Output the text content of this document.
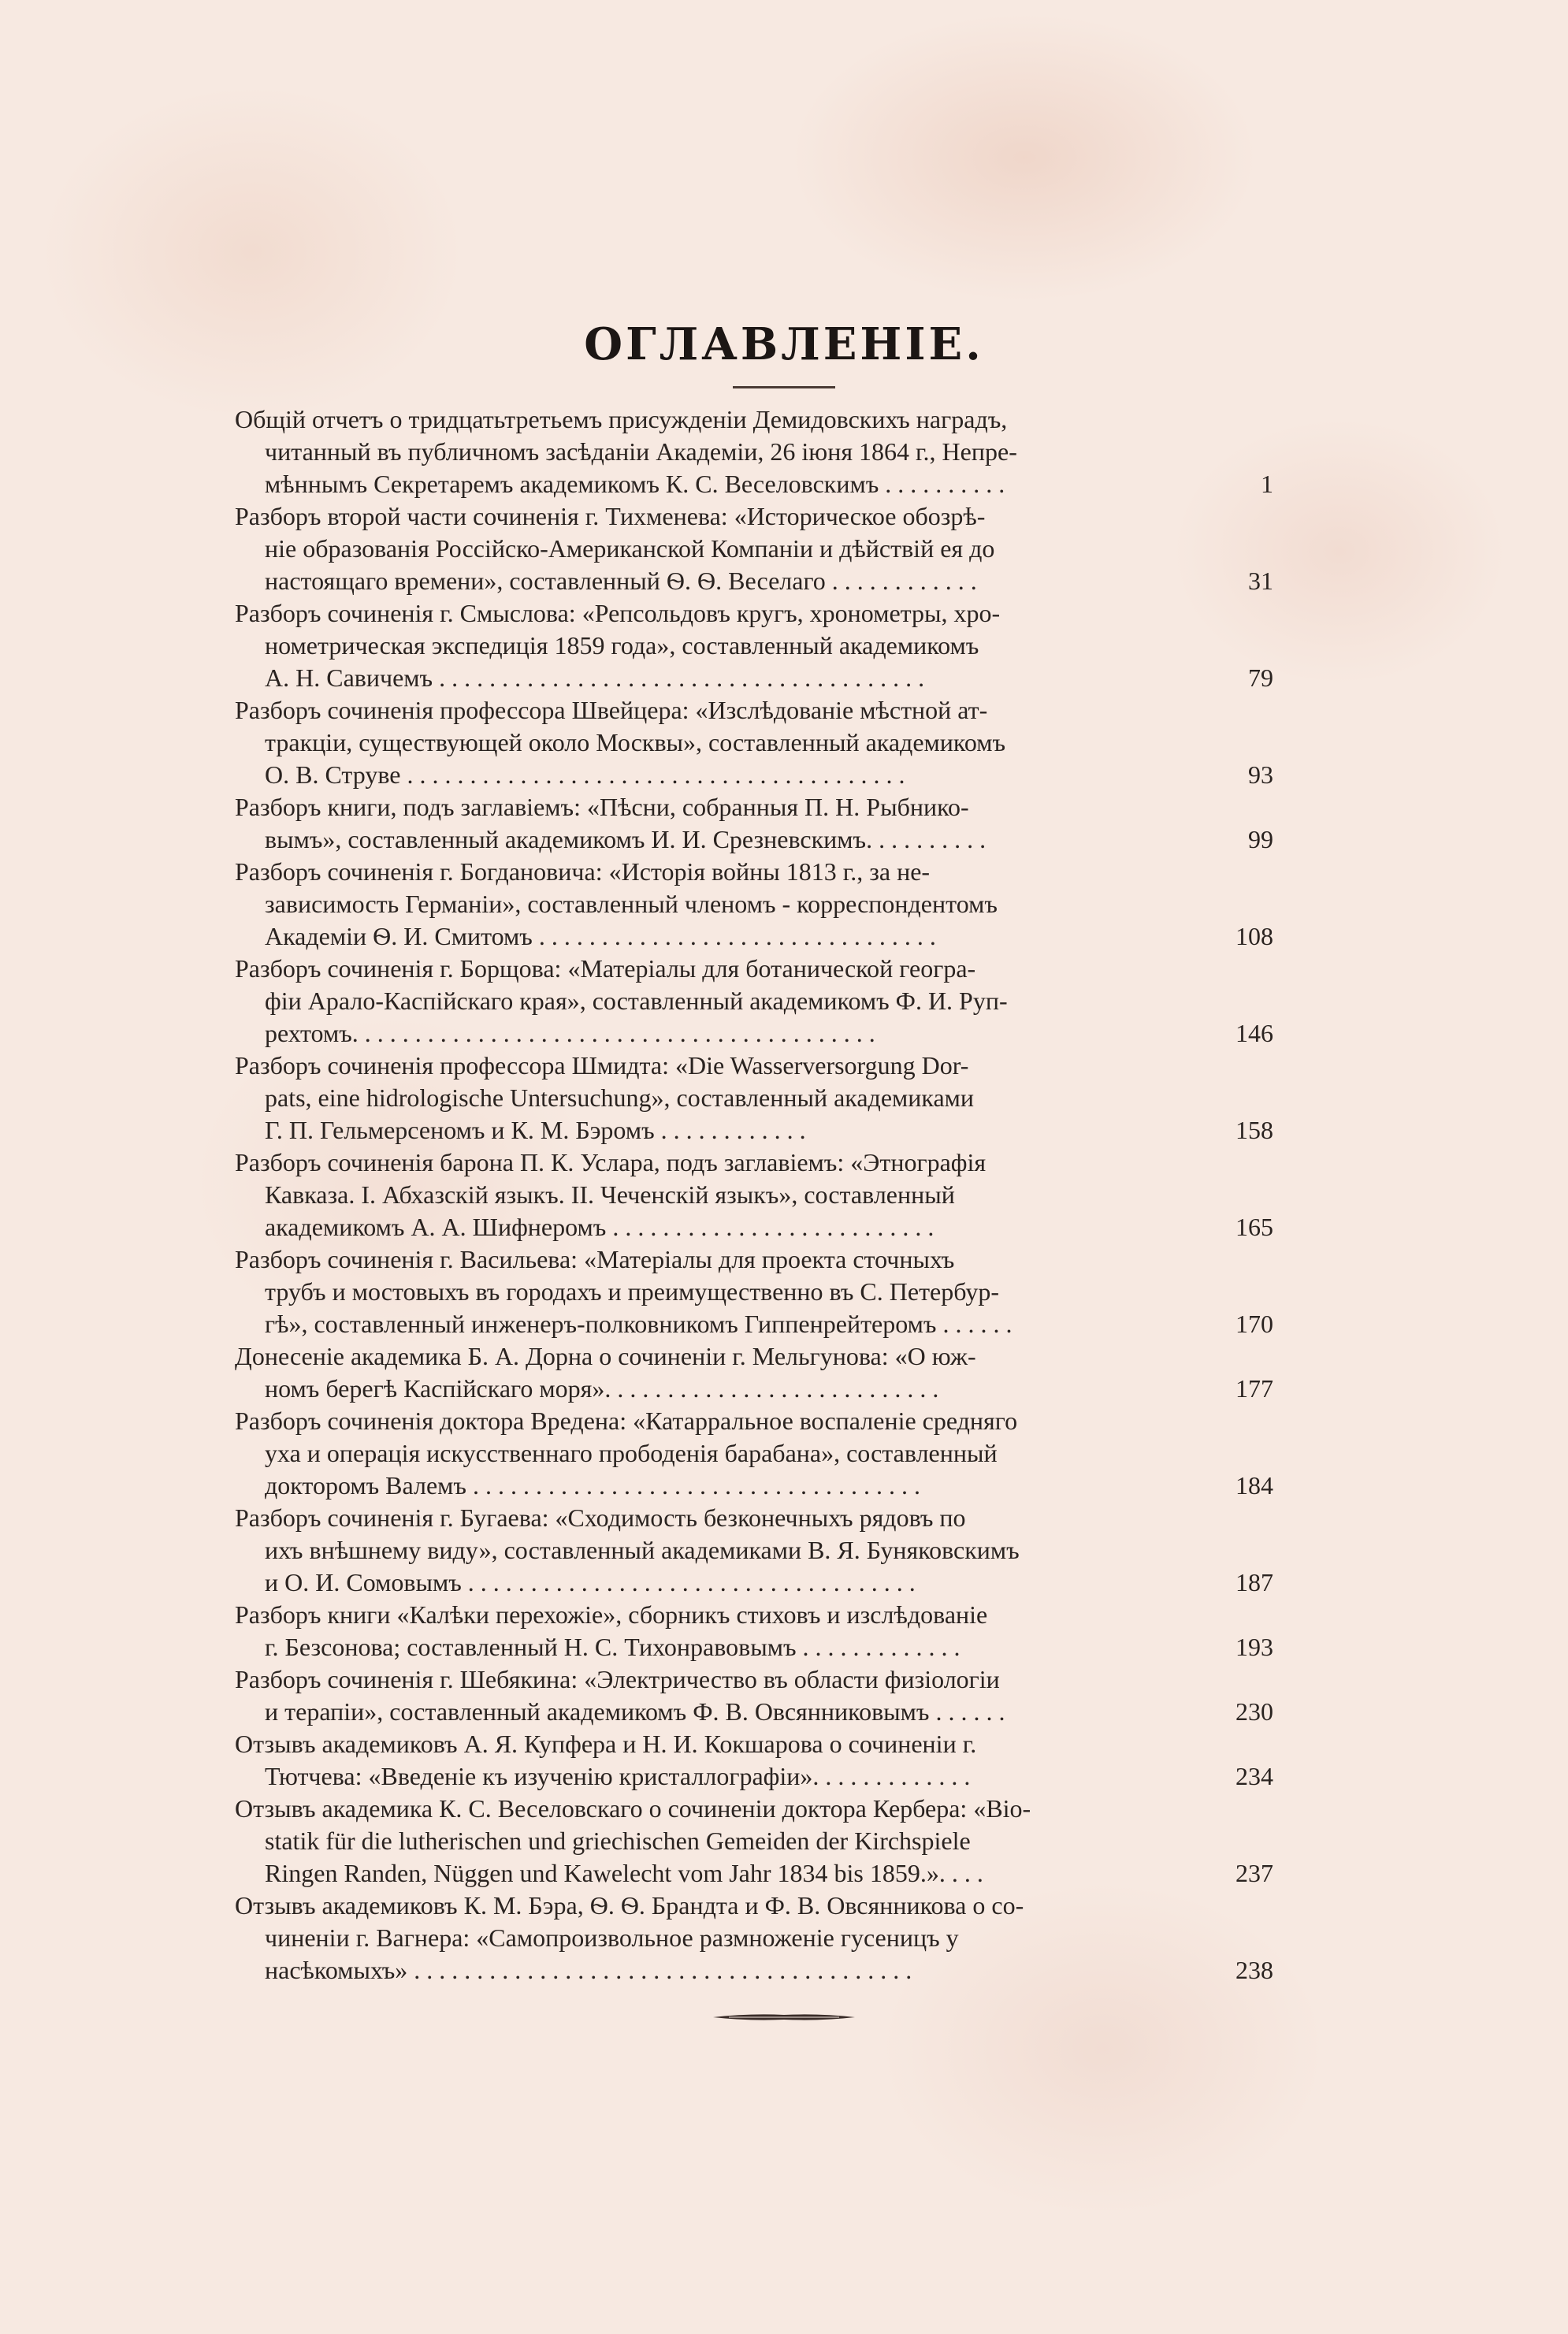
ОГЛАВЛЕНIЕ.
Общiй отчетъ о тридцатьтретьемъ присужденiи Демидовскихъ наградъ,
читанный въ публичномъ засѣданiи Академiи, 26 iюня 1864 г., Непре-
мѣннымъ Секретаремъ академикомъ К. С. Веселовскимъ . . . . . . . . . .	1
Разборъ второй части сочиненiя г. Тихменева: «Историческое обозрѣ-
нiе образованiя Россiйско-Американской Компанiи и дѣйствiй ея до
настоящаго времени», составленный Ѳ. Ѳ. Веселаго . . . . . . . . . . . .	31
Разборъ сочиненiя г. Смыслова: «Репсольдовъ кругъ, хронометры, хро-
нометрическая экспедицiя 1859 года», составленный академикомъ
А. Н. Савичемъ . . . . . . . . . . . . . . . . . . . . . . . . . . . . . . . . . . . . . . .	79
Разборъ сочиненiя профессора Швейцера: «Изслѣдованiе мѣстной ат-
тракцiи, существующей около Москвы», составленный академикомъ
О. В. Струве . . . . . . . . . . . . . . . . . . . . . . . . . . . . . . . . . . . . . . . .	93
Разборъ книги, подъ заглавiемъ: «Пѣсни, собранныя П. Н. Рыбнико-
вымъ», составленный академикомъ И. И. Срезневскимъ. . . . . . . . . .	99
Разборъ сочиненiя г. Богдановича: «Исторiя войны 1813 г., за не-
зависимость Германiи», составленный членомъ - корреспондентомъ
Академiи Ѳ. И. Смитомъ . . . . . . . . . . . . . . . . . . . . . . . . . . . . . . . .	108
Разборъ сочиненiя г. Борщова: «Матерiалы для ботанической геогра-
фiи Арало-Каспiйскаго края», составленный академикомъ Ф. И. Руп-
рехтомъ. . . . . . . . . . . . . . . . . . . . . . . . . . . . . . . . . . . . . . . . . .	146
Разборъ сочиненiя профессора Шмидта: «Die Wasserversorgung Dor-
pats, eine hidrologische Untersuchung», составленный академиками
Г. П. Гельмерсеномъ и К. М. Бэромъ . . . . . . . . . . . .	158
Разборъ сочиненiя барона П. К. Услара, подъ заглавiемъ: «Этнографiя
Кавказа. I. Абхазскiй языкъ. II. Чеченскiй языкъ», составленный
академикомъ А. А. Шифнеромъ . . . . . . . . . . . . . . . . . . . . . . . . . .	165
Разборъ сочиненiя г. Васильева: «Матерiалы для проекта сточныхъ
трубъ и мостовыхъ въ городахъ и преимущественно въ С. Петербур-
гѣ», составленный инженеръ-полковникомъ Гиппенрейтеромъ . . . . . .	170
Донесенiе академика Б. А. Дорна о сочиненiи г. Мельгунова: «О юж-
номъ берегѣ Каспiйскаго моря». . . . . . . . . . . . . . . . . . . . . . . . . . .	177
Разборъ сочиненiя доктора Вредена: «Катарральное воспаленiе средняго
уха и операцiя искусственнаго прободенiя барабана», составленный
докторомъ Валемъ . . . . . . . . . . . . . . . . . . . . . . . . . . . . . . . . . . . .	184
Разборъ сочиненiя г. Бугаева: «Сходимость безконечныхъ рядовъ по
ихъ внѣшнему виду», составленный академиками В. Я. Буняковскимъ
и О. И. Сомовымъ . . . . . . . . . . . . . . . . . . . . . . . . . . . . . . . . . . . .	187
Разборъ книги «Калѣки перехожiе», сборникъ стиховъ и изслѣдованiе
г. Безсонова; составленный Н. С. Тихонравовымъ . . . . . . . . . . . . .	193
Разборъ сочиненiя г. Шебякина: «Электричество въ области физiологiи
и терапiи», составленный академикомъ Ф. В. Овсянниковымъ . . . . . .	230
Отзывъ академиковъ А. Я. Купфера и Н. И. Кокшарова о сочиненiи г.
Тютчева: «Введенiе къ изученiю кристаллографiи». . . . . . . . . . . . .	234
Отзывъ академика К. С. Веселовскаго о сочиненiи доктора Кербера: «Bio-
statik für die lutherischen und griechischen Gemeiden der Kirchspiele
Ringen Randen, Nüggen und Kawelecht vom Jahr 1834 bis 1859.». . . .	237
Отзывъ академиковъ К. М. Бэра, Ѳ. Ѳ. Брандта и Ф. В. Овсянникова о со-
чиненiи г. Вагнера: «Самопроизвольное размноженiе гусеницъ у
насѣкомыхъ» . . . . . . . . . . . . . . . . . . . . . . . . . . . . . . . . . . . . . . . .	238
